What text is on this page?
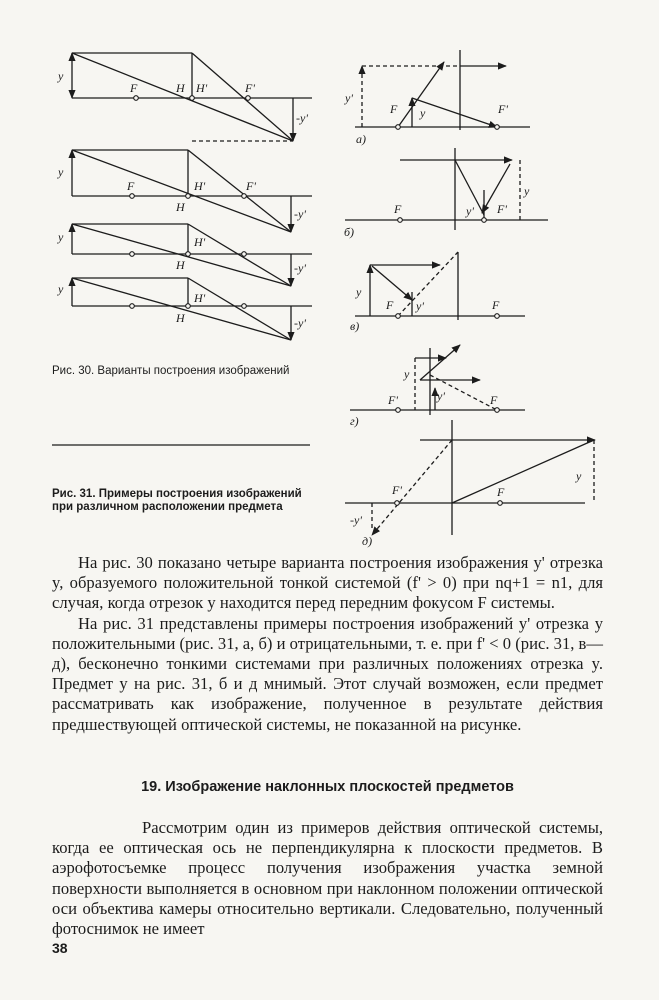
y
F	H H'	F'
-y'
y
F	H'
H
F'
-y'
y	H'
H	-y'
y
H'
H	-y'
y'
F y	F'
а)
F	y' F'
y
б)
y
F y'	F
в)
y
F'	y'	F
г)
y
F'	F
-y'
д)
Рис. 30. Варианты построения изображений
Рис. 31. Примеры построения изображений при различном расположении предмета

На рис. 30 показано четыре варианта построения изображения y' отрезка y, образуемого положительной тонкой системой (f' > 0) при nq+1 = n1, для случая, когда отрезок y находится перед передним фокусом F системы.

На рис. 31 представлены примеры построения изображений y' отрезка y положительными (рис. 31, а, б) и отрицательными, т. е. при f' < 0 (рис. 31, в—д), бесконечно тонкими системами при различных положениях отрезка y. Предмет y на рис. 31, б и д мнимый. Этот случай возможен, если предмет рассматривать как изображение, полученное в результате действия предшествующей оптической системы, не показанной на рисунке.

19. Изображение наклонных плоскостей предметов

Рассмотрим один из примеров действия оптической системы, когда ее оптическая ось не перпендикулярна к плоскости предметов. В аэрофотосъемке процесс получения изображения участка земной поверхности выполняется в основном при наклонном положении оптической оси объектива камеры относительно вертикали. Следовательно, полученный фотоснимок не имеет

38
